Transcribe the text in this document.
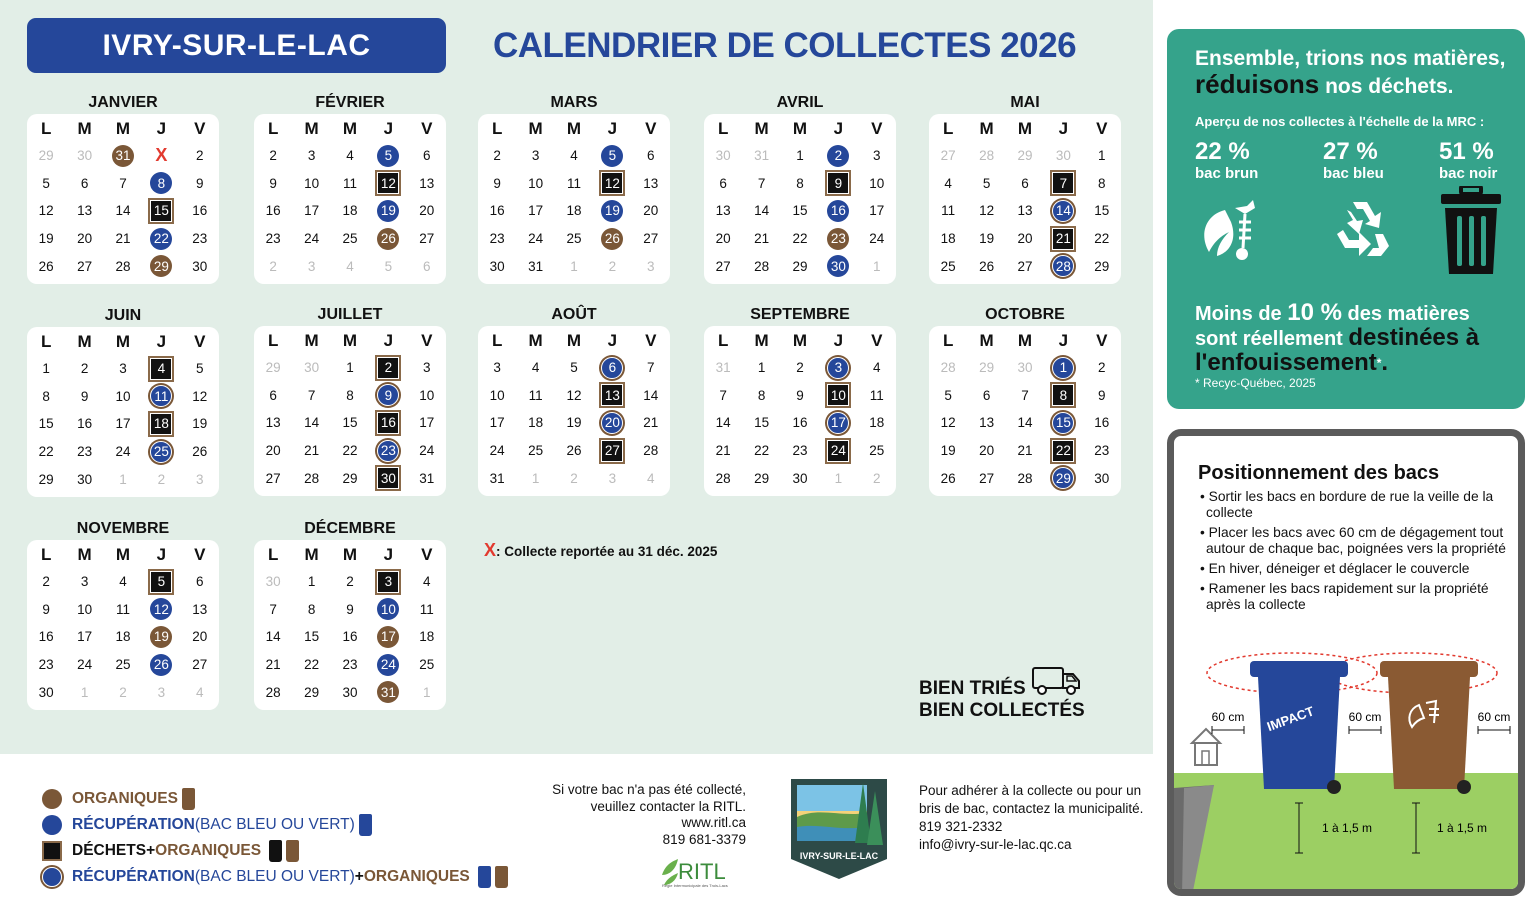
IVRY-SUR-LE-LAC	CALENDRIER DE COLLECTES 2026
JANVIER
L	M	M	J	V
29 30 31 X	2
5	6	7	8	9
12 13 14 15 16
19 20 21 22 23
26 27 28 29 30
FÉVRIER
L	M	M	J	V
2	3	4	5	6
9	10 11 12 13
16 17 18 19 20
23 24 25 26 27
2	3	4	5	6
MARS
L	M	M	J	V
2	3	4	5	6
9	10 11 12 13
16 17 18 19 20
23 24 25 26 27
30 31	1	2	3
AVRIL
L	M	M	J	V
30 31	1	2	3
6	7	8	9	10
13 14 15 16 17
20 21 22 23 24
27 28 29 30	1
MAI
L	M	M	J	V
27 28 29 30	1
4	5	6	7	8
11 12 13 14 15
18 19 20 21 22
25 26 27 28 29
JUIN
L	M	M	J	V
1	2	3	4	5
8	9	10 11 12
15 16 17 18 19
22 23 24 25 26
29 30	1	2	3
JUILLET
L	M	M	J	V
29 30	1	2	3
6	7	8	9	10
13 14 15 16 17
20 21 22 23 24
27 28 29 30 31
AOÛT
L	M	M	J	V
3	4	5	6	7
10 11 12 13 14
17 18 19 20 21
24 25 26 27 28
31	1	2	3	4
SEPTEMBRE
L	M	M	J	V
31	1	2	3	4
7	8	9	10 11
14 15 16 17 18
21 22 23 24 25
28 29 30	1	2
OCTOBRE
L	M	M	J	V
28 29 30	1	2
5	6	7	8	9
12 13 14 15 16
19 20 21 22 23
26 27 28 29 30
NOVEMBRE
L	M	M	J	V
2	3	4	5	6
9	10 11 12 13
16 17 18 19 20
23 24 25 26 27
30	1	2	3	4
DÉCEMBRE
L	M	M	J	V
30	1	2	3	4
7	8	9	10 11
14 15 16 17 18
21 22 23 24 25
28 29 30 31	1
X: Collecte reportée au 31 déc. 2025
BIEN TRIÉS
BIEN COLLECTÉS
Ensemble, trions nos matières,
réduisons nos déchets.
Aperçu de nos collectes à l'échelle de la MRC :
22 %
bac brun
27 %
bac bleu
51 %
bac noir
Moins de 10 % des matières
sont réellement destinées à
l'enfouissement*.
* Recyc-Québec, 2025
Positionnement des bacs
• Sortir les bacs en bordure de rue la veille de la collecte
• Placer les bacs avec 60 cm de dégagement tout autour de chaque bac, poignées vers la propriété
• En hiver, déneiger et déglacer le couvercle
• Ramener les bacs rapidement sur la propriété après la collecte
IMPACT
60 cm	60 cm	60 cm
1 à 1,5 m	1 à 1,5 m
ORGANIQUES
RÉCUPÉRATION (BAC BLEU OU VERT)
DÉCHETS + ORGANIQUES
RÉCUPÉRATION (BAC BLEU OU VERT) + ORGANIQUES
Si votre bac n'a pas été collecté,
veuillez contacter la RITL.
www.ritl.ca
819 681-3379
RITL
Régie Intermunicipale des Trois-Lacs
IVRY-SUR-LE-LAC
Pour adhérer à la collecte ou pour un
bris de bac, contactez la municipalité.
819 321-2332
info@ivry-sur-le-lac.qc.ca
